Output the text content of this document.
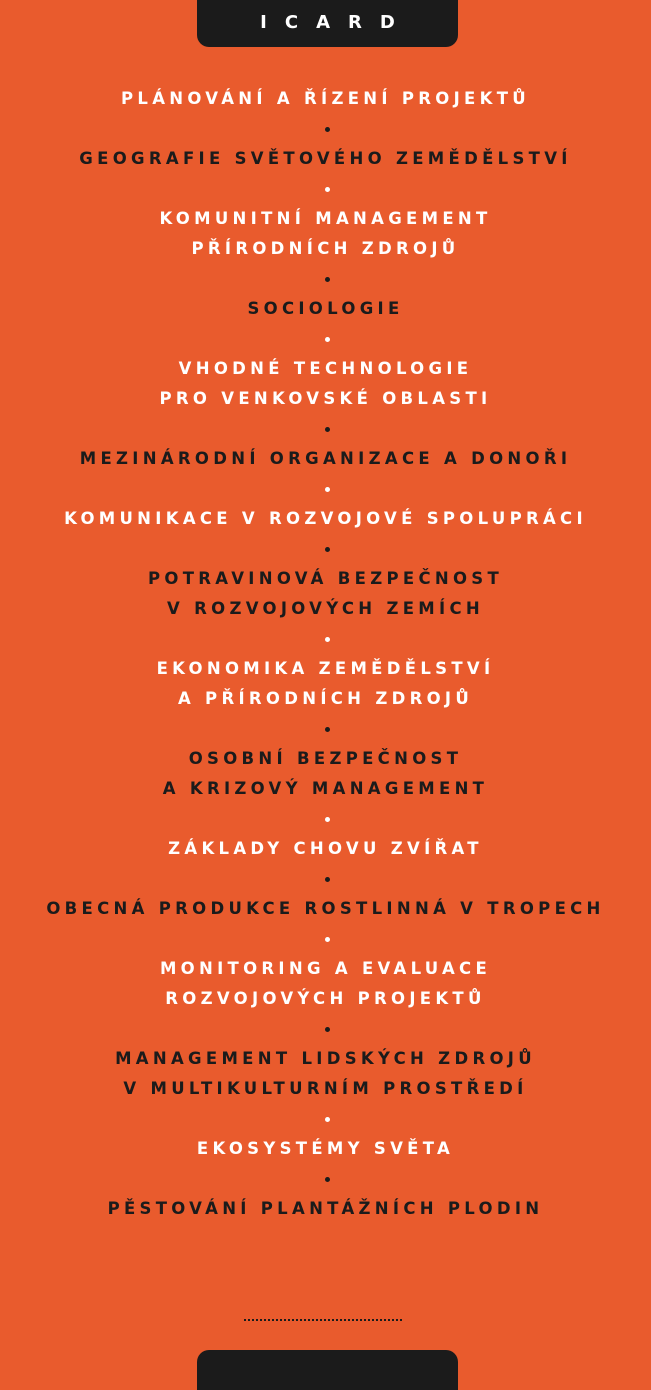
ICARD
PLÁNOVÁNÍ A ŘÍZENÍ PROJEKTŮ
GEOGRAFIE SVĚTOVÉHO ZEMĚDĚLSTVÍ
KOMUNITNÍ MANAGEMENT
PŘÍRODNÍCH ZDROJŮ
SOCIOLOGIE
VHODNÉ TECHNOLOGIE
PRO VENKOVSKÉ OBLASTI
MEZINÁRODNÍ ORGANIZACE A DONOŘI
KOMUNIKACE V ROZVOJOVÉ SPOLUPRÁCI
POTRAVINOVÁ BEZPEČNOST
V ROZVOJOVÝCH ZEMÍCH
EKONOMIKA ZEMĚDĚLSTVÍ
A PŘÍRODNÍCH ZDROJŮ
OSOBNÍ BEZPEČNOST
A KRIZOVÝ MANAGEMENT
ZÁKLADY CHOVU ZVÍŘAT
OBECNÁ PRODUKCE ROSTLINNÁ V TROPECH
MONITORING A EVALUACE
ROZVOJOVÝCH PROJEKTŮ
MANAGEMENT LIDSKÝCH ZDROJŮ
V MULTIKULTURNÍM PROSTŘEDÍ
EKOSYSTÉMY SVĚTA
PĚSTOVÁNÍ PLANTÁŽNÍCH PLODIN
